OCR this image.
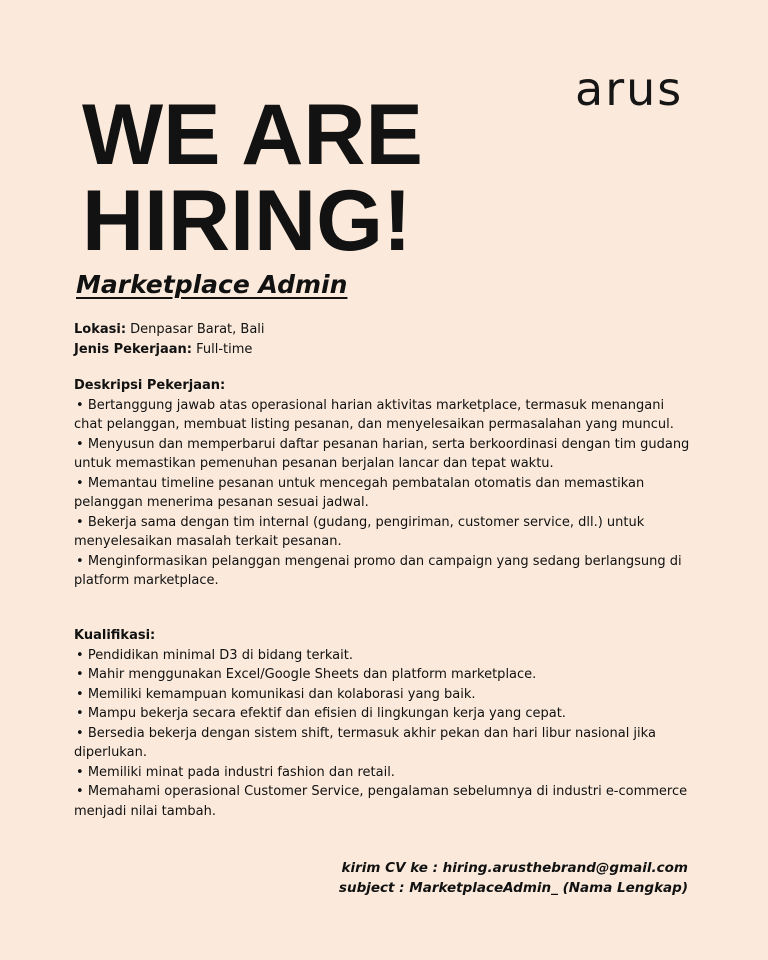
arus
WE ARE
HIRING!
Marketplace Admin
Lokasi: Denpasar Barat, Bali
Jenis Pekerjaan: Full-time
Deskripsi Pekerjaan:
• Bertanggung jawab atas operasional harian aktivitas marketplace, termasuk menangani chat pelanggan, membuat listing pesanan, dan menyelesaikan permasalahan yang muncul.
• Menyusun dan memperbarui daftar pesanan harian, serta berkoordinasi dengan tim gudang untuk memastikan pemenuhan pesanan berjalan lancar dan tepat waktu.
• Memantau timeline pesanan untuk mencegah pembatalan otomatis dan memastikan pelanggan menerima pesanan sesuai jadwal.
• Bekerja sama dengan tim internal (gudang, pengiriman, customer service, dll.) untuk menyelesaikan masalah terkait pesanan.
• Menginformasikan pelanggan mengenai promo dan campaign yang sedang berlangsung di platform marketplace.
Kualifikasi:
• Pendidikan minimal D3 di bidang terkait.
• Mahir menggunakan Excel/Google Sheets dan platform marketplace.
• Memiliki kemampuan komunikasi dan kolaborasi yang baik.
• Mampu bekerja secara efektif dan efisien di lingkungan kerja yang cepat.
• Bersedia bekerja dengan sistem shift, termasuk akhir pekan dan hari libur nasional jika diperlukan.
• Memiliki minat pada industri fashion dan retail.
• Memahami operasional Customer Service, pengalaman sebelumnya di industri e-commerce menjadi nilai tambah.
kirim CV ke : hiring.arusthebrand@gmail.com
subject : MarketplaceAdmin_ (Nama Lengkap)
